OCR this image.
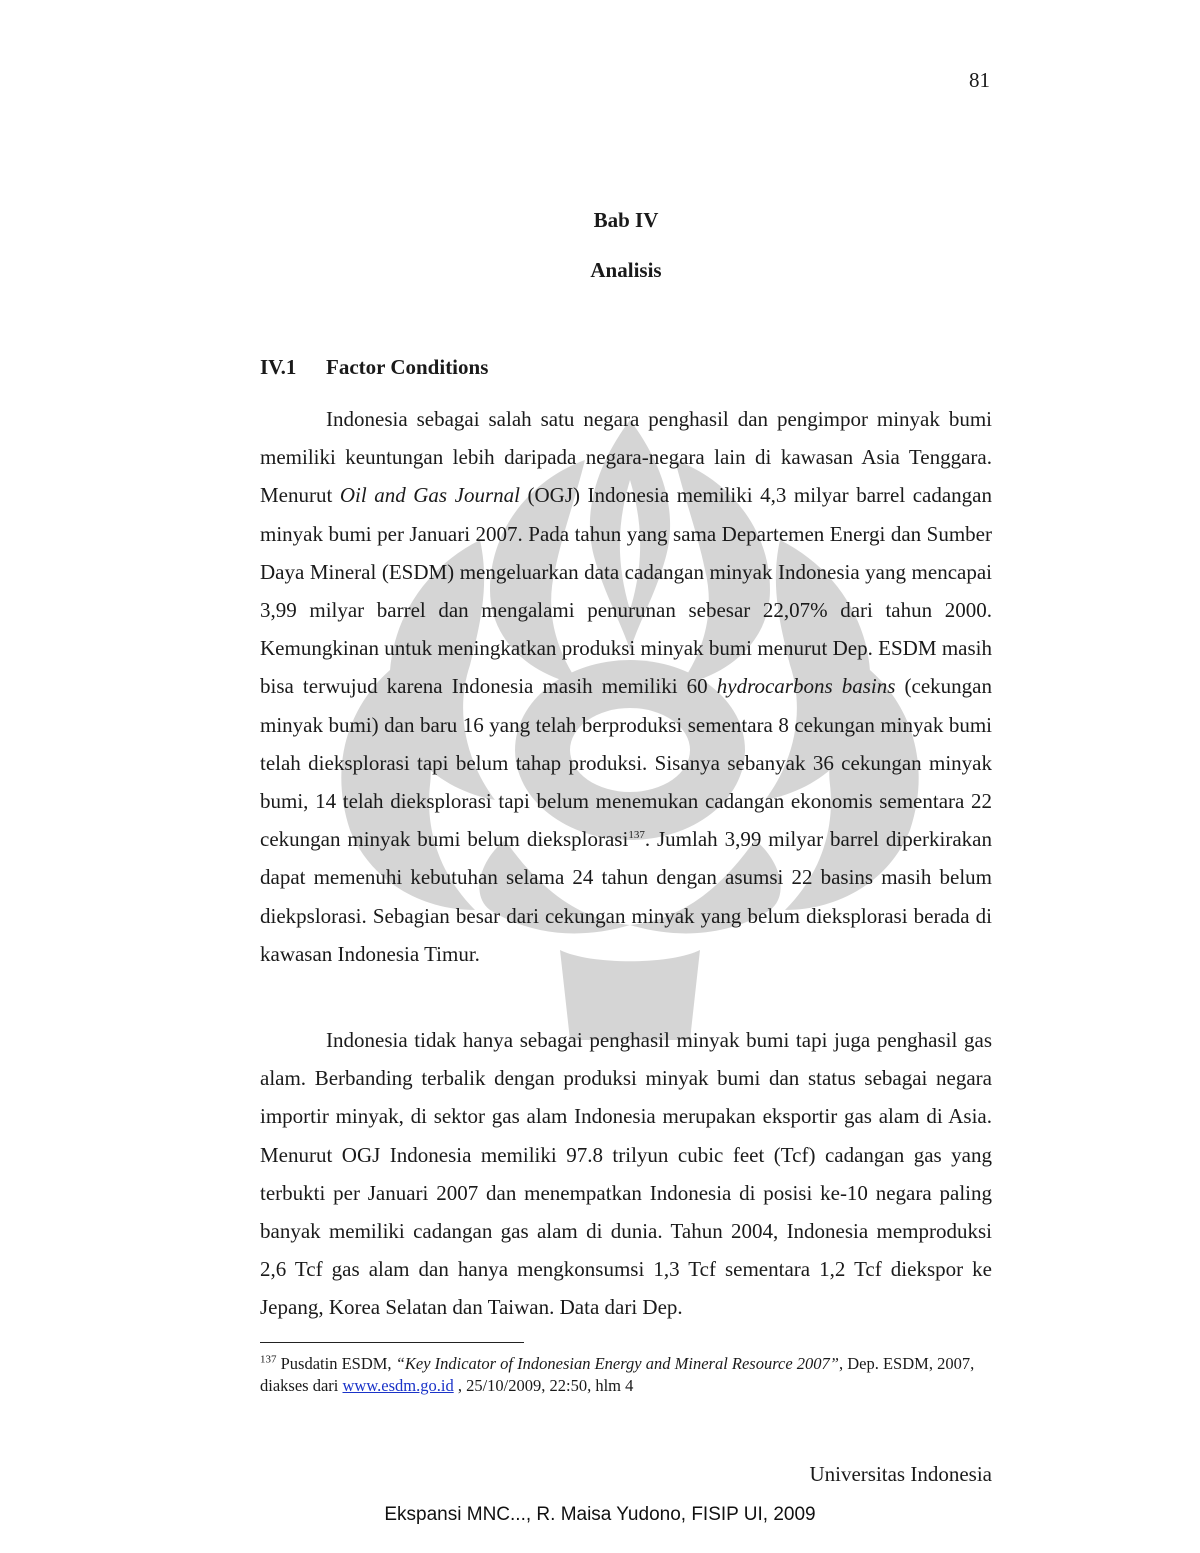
81
Bab IV
Analisis
IV.1 Factor Conditions

Indonesia sebagai salah satu negara penghasil dan pengimpor minyak bumi memiliki keuntungan lebih daripada negara-negara lain di kawasan Asia Tenggara. Menurut Oil and Gas Journal (OGJ) Indonesia memiliki 4,3 milyar barrel cadangan minyak bumi per Januari 2007. Pada tahun yang sama Departemen Energi dan Sumber Daya Mineral (ESDM) mengeluarkan data cadangan minyak Indonesia yang mencapai 3,99 milyar barrel dan mengalami penurunan sebesar 22,07% dari tahun 2000. Kemungkinan untuk meningkatkan produksi minyak bumi menurut Dep. ESDM masih bisa terwujud karena Indonesia masih memiliki 60 hydrocarbons basins (cekungan minyak bumi) dan baru 16 yang telah berproduksi sementara 8 cekungan minyak bumi telah dieksplorasi tapi belum tahap produksi. Sisanya sebanyak 36 cekungan minyak bumi, 14 telah dieksplorasi tapi belum menemukan cadangan ekonomis sementara 22 cekungan minyak bumi belum dieksplorasi$^{137}$. Jumlah 3,99 milyar barrel diperkirakan dapat memenuhi kebutuhan selama 24 tahun dengan asumsi 22 basins masih belum diekpslorasi. Sebagian besar dari cekungan minyak yang belum dieksplorasi berada di kawasan Indonesia Timur.

Indonesia tidak hanya sebagai penghasil minyak bumi tapi juga penghasil gas alam. Berbanding terbalik dengan produksi minyak bumi dan status sebagai negara importir minyak, di sektor gas alam Indonesia merupakan eksportir gas alam di Asia. Menurut OGJ Indonesia memiliki 97.8 trilyun cubic feet (Tcf) cadangan gas yang terbukti per Januari 2007 dan menempatkan Indonesia di posisi ke-10 negara paling banyak memiliki cadangan gas alam di dunia. Tahun 2004, Indonesia memproduksi 2,6 Tcf gas alam dan hanya mengkonsumsi 1,3 Tcf sementara 1,2 Tcf diekspor ke Jepang, Korea Selatan dan Taiwan. Data dari Dep.

$^{137}$ Pusdatin ESDM, “Key Indicator of Indonesian Energy and Mineral Resource 2007”, Dep. ESDM, 2007, diakses dari www.esdm.go.id , 25/10/2009, 22:50, hlm 4
Universitas Indonesia
Ekspansi MNC..., R. Maisa Yudono, FISIP UI, 2009
